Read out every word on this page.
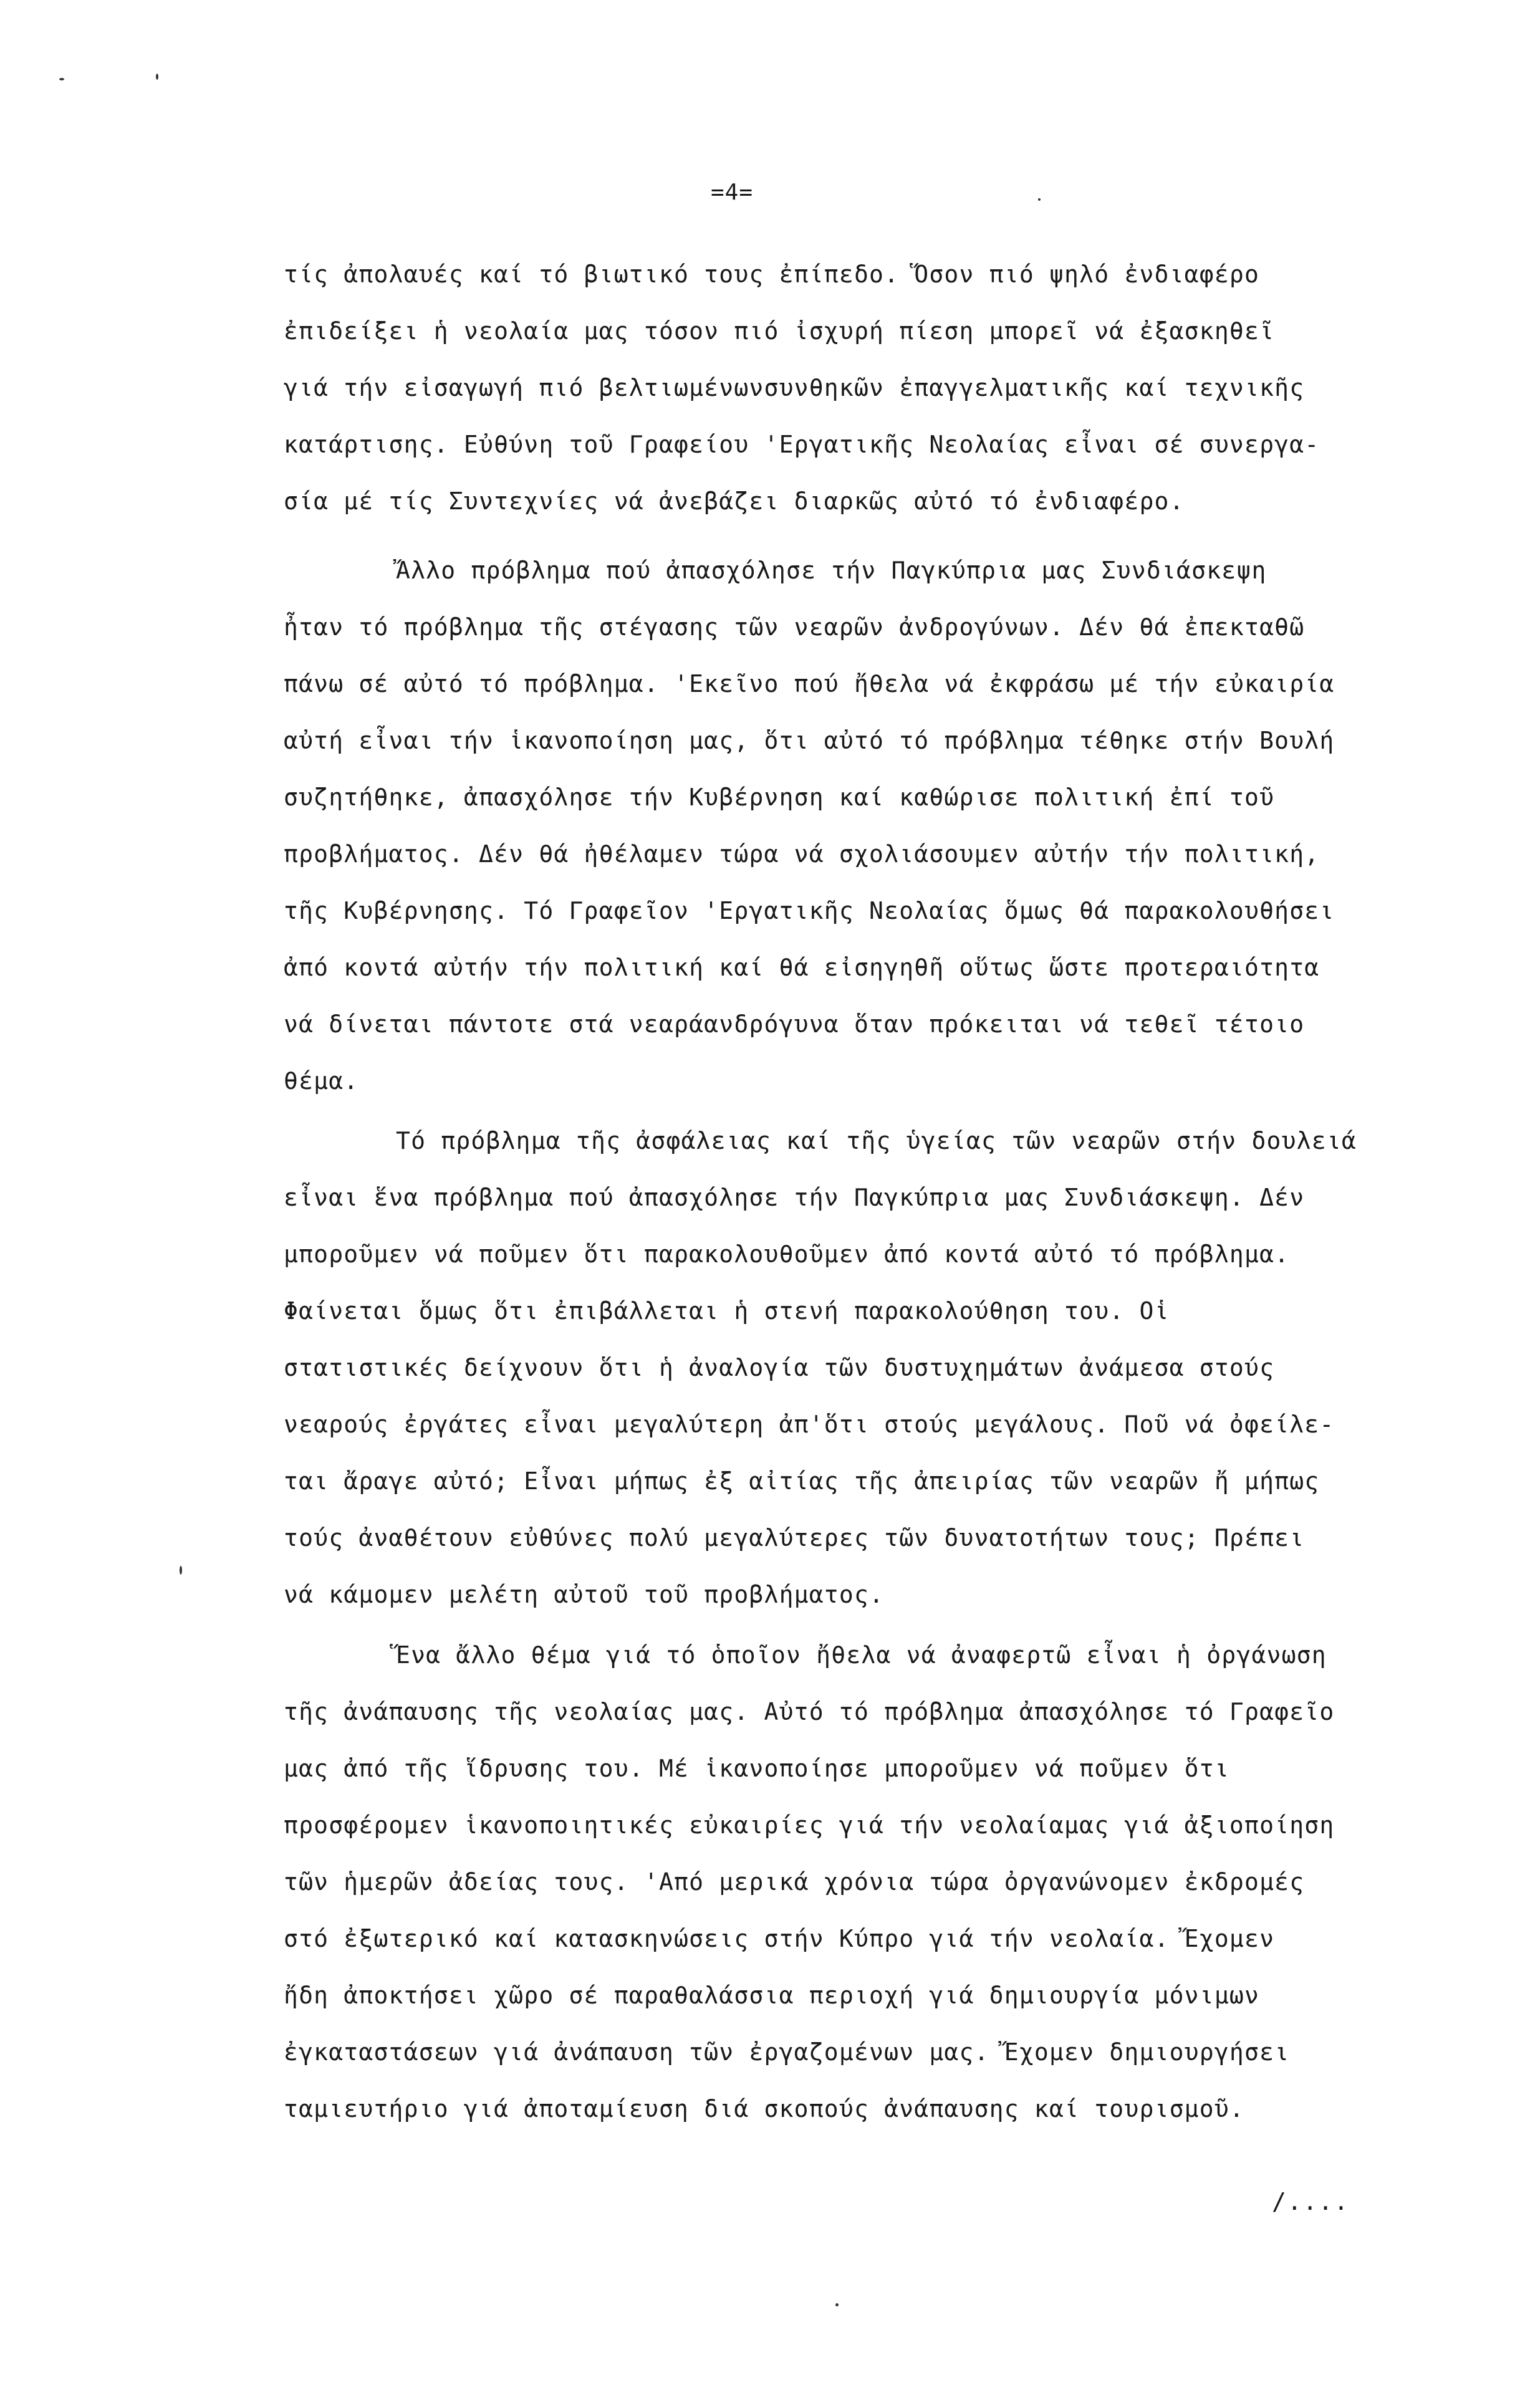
=4=
τίς ἀπολαυές καί τό βιωτικό τους ἐπίπεδο. Ὅσον πιό ψηλό ἐνδιαφέρο
ἐπιδείξει ἡ νεολαία μας τόσον πιό ἰσχυρή πίεση μπορεῖ νά ἐξασκηθεῖ
γιά τήν εἰσαγωγή πιό βελτιωμένωνσυνθηκῶν ἐπαγγελματικῆς καί τεχνικῆς
κατάρτισης. Εὐθύνη τοῦ Γραφείου 'Εργατικῆς Νεολαίας εἶναι σέ συνεργα-
σία μέ τίς Συντεχνίες νά ἀνεβάζει διαρκῶς αὐτό τό ἐνδιαφέρο.
Ἄλλο πρόβλημα πού ἀπασχόλησε τήν Παγκύπρια μας Συνδιάσκεψη
ἦταν τό πρόβλημα τῆς στέγασης τῶν νεαρῶν ἀνδρογύνων. Δέν θά ἐπεκταθῶ
πάνω σέ αὐτό τό πρόβλημα. 'Εκεῖνο πού ἤθελα νά ἐκφράσω μέ τήν εὐκαιρία
αὐτή εἶναι τήν ἱκανοποίηση μας, ὅτι αὐτό τό πρόβλημα τέθηκε στήν Βουλή
συζητήθηκε, ἀπασχόλησε τήν Κυβέρνηση καί καθώρισε πολιτική ἐπί τοῦ
προβλήματος. Δέν θά ἠθέλαμεν τώρα νά σχολιάσουμεν αὐτήν τήν πολιτική,
τῆς Κυβέρνησης. Τό Γραφεῖον 'Εργατικῆς Νεολαίας ὅμως θά παρακολουθήσει
ἀπό κοντά αὐτήν τήν πολιτική καί θά εἰσηγηθῆ οὕτως ὥστε προτεραιότητα
νά δίνεται πάντοτε στά νεαράανδρόγυνα ὅταν πρόκειται νά τεθεῖ τέτοιο
θέμα.
Τό πρόβλημα τῆς ἀσφάλειας καί τῆς ὑγείας τῶν νεαρῶν στήν δουλειά
εἶναι ἕνα πρόβλημα πού ἀπασχόλησε τήν Παγκύπρια μας Συνδιάσκεψη. Δέν
μποροῦμεν νά ποῦμεν ὅτι παρακολουθοῦμεν ἀπό κοντά αὐτό τό πρόβλημα.
Φαίνεται ὅμως ὅτι ἐπιβάλλεται ἡ στενή παρακολούθηση του. Οἱ
στατιστικές δείχνουν ὅτι ἡ ἀναλογία τῶν δυστυχημάτων ἀνάμεσα στούς
νεαρούς ἐργάτες εἶναι μεγαλύτερη ἀπ'ὅτι στούς μεγάλους. Ποῦ νά ὀφείλε-
ται ἄραγε αὐτό; Εἶναι μήπως ἐξ αἰτίας τῆς ἀπειρίας τῶν νεαρῶν ἤ μήπως
τούς ἀναθέτουν εὐθύνες πολύ μεγαλύτερες τῶν δυνατοτήτων τους; Πρέπει
νά κάμομεν μελέτη αὐτοῦ τοῦ προβλήματος.
Ἕνα ἄλλο θέμα γιά τό ὁποῖον ἤθελα νά ἀναφερτῶ εἶναι ἡ ὀργάνωση
τῆς ἀνάπαυσης τῆς νεολαίας μας. Αὐτό τό πρόβλημα ἀπασχόλησε τό Γραφεῖο
μας ἀπό τῆς ἵδρυσης του. Μέ ἱκανοποίησε μποροῦμεν νά ποῦμεν ὅτι
προσφέρομεν ἱκανοποιητικές εὐκαιρίες γιά τήν νεολαίαμας γιά ἀξιοποίηση
τῶν ἡμερῶν ἀδείας τους. 'Από μερικά χρόνια τώρα ὀργανώνομεν ἐκδρομές
στό ἐξωτερικό καί κατασκηνώσεις στήν Κύπρο γιά τήν νεολαία. Ἔχομεν
ἤδη ἀποκτήσει χῶρο σέ παραθαλάσσια περιοχή γιά δημιουργία μόνιμων
ἐγκαταστάσεων γιά ἀνάπαυση τῶν ἐργαζομένων μας. Ἔχομεν δημιουργήσει
ταμιευτήριο γιά ἀποταμίευση διά σκοπούς ἀνάπαυσης καί τουρισμοῦ.
/....
